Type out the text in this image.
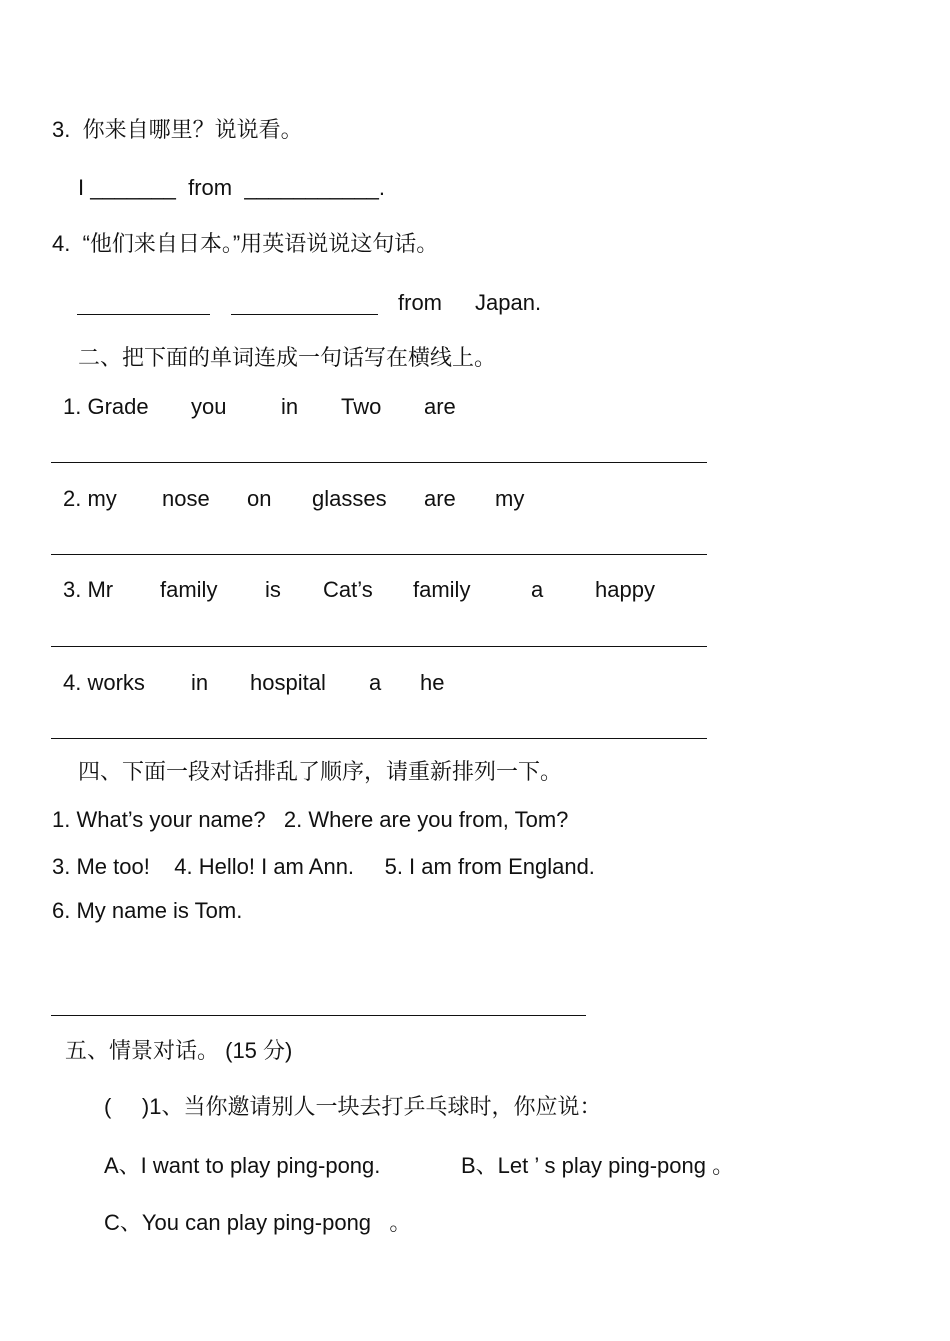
3.  你来自哪里？说说看。
I _______  from  ___________.
4.  “他们来自日本。”用英语说说这句话。
from Japan.
二、把下面的单词连成一句话写在横线上。
1. Grade you in Two are
2. my nose on glasses are my
3. Mr family is Cat’s family	a happy
4. works in hospital a he
四、下面一段对话排乱了顺序，请重新排列一下。
1. What’s your name?   2. Where are you from, Tom?
3. Me too!    4. Hello! I am Ann.     5. I am from England.
6. My name is Tom.
五、情景对话。 (15 分)
(     )1、当你邀请别人一块去打乒乓球时，你应说：
A、I want to play ping-pong.	B、Let ’ s play ping-pong 。
C、You can play ping-pong   。
